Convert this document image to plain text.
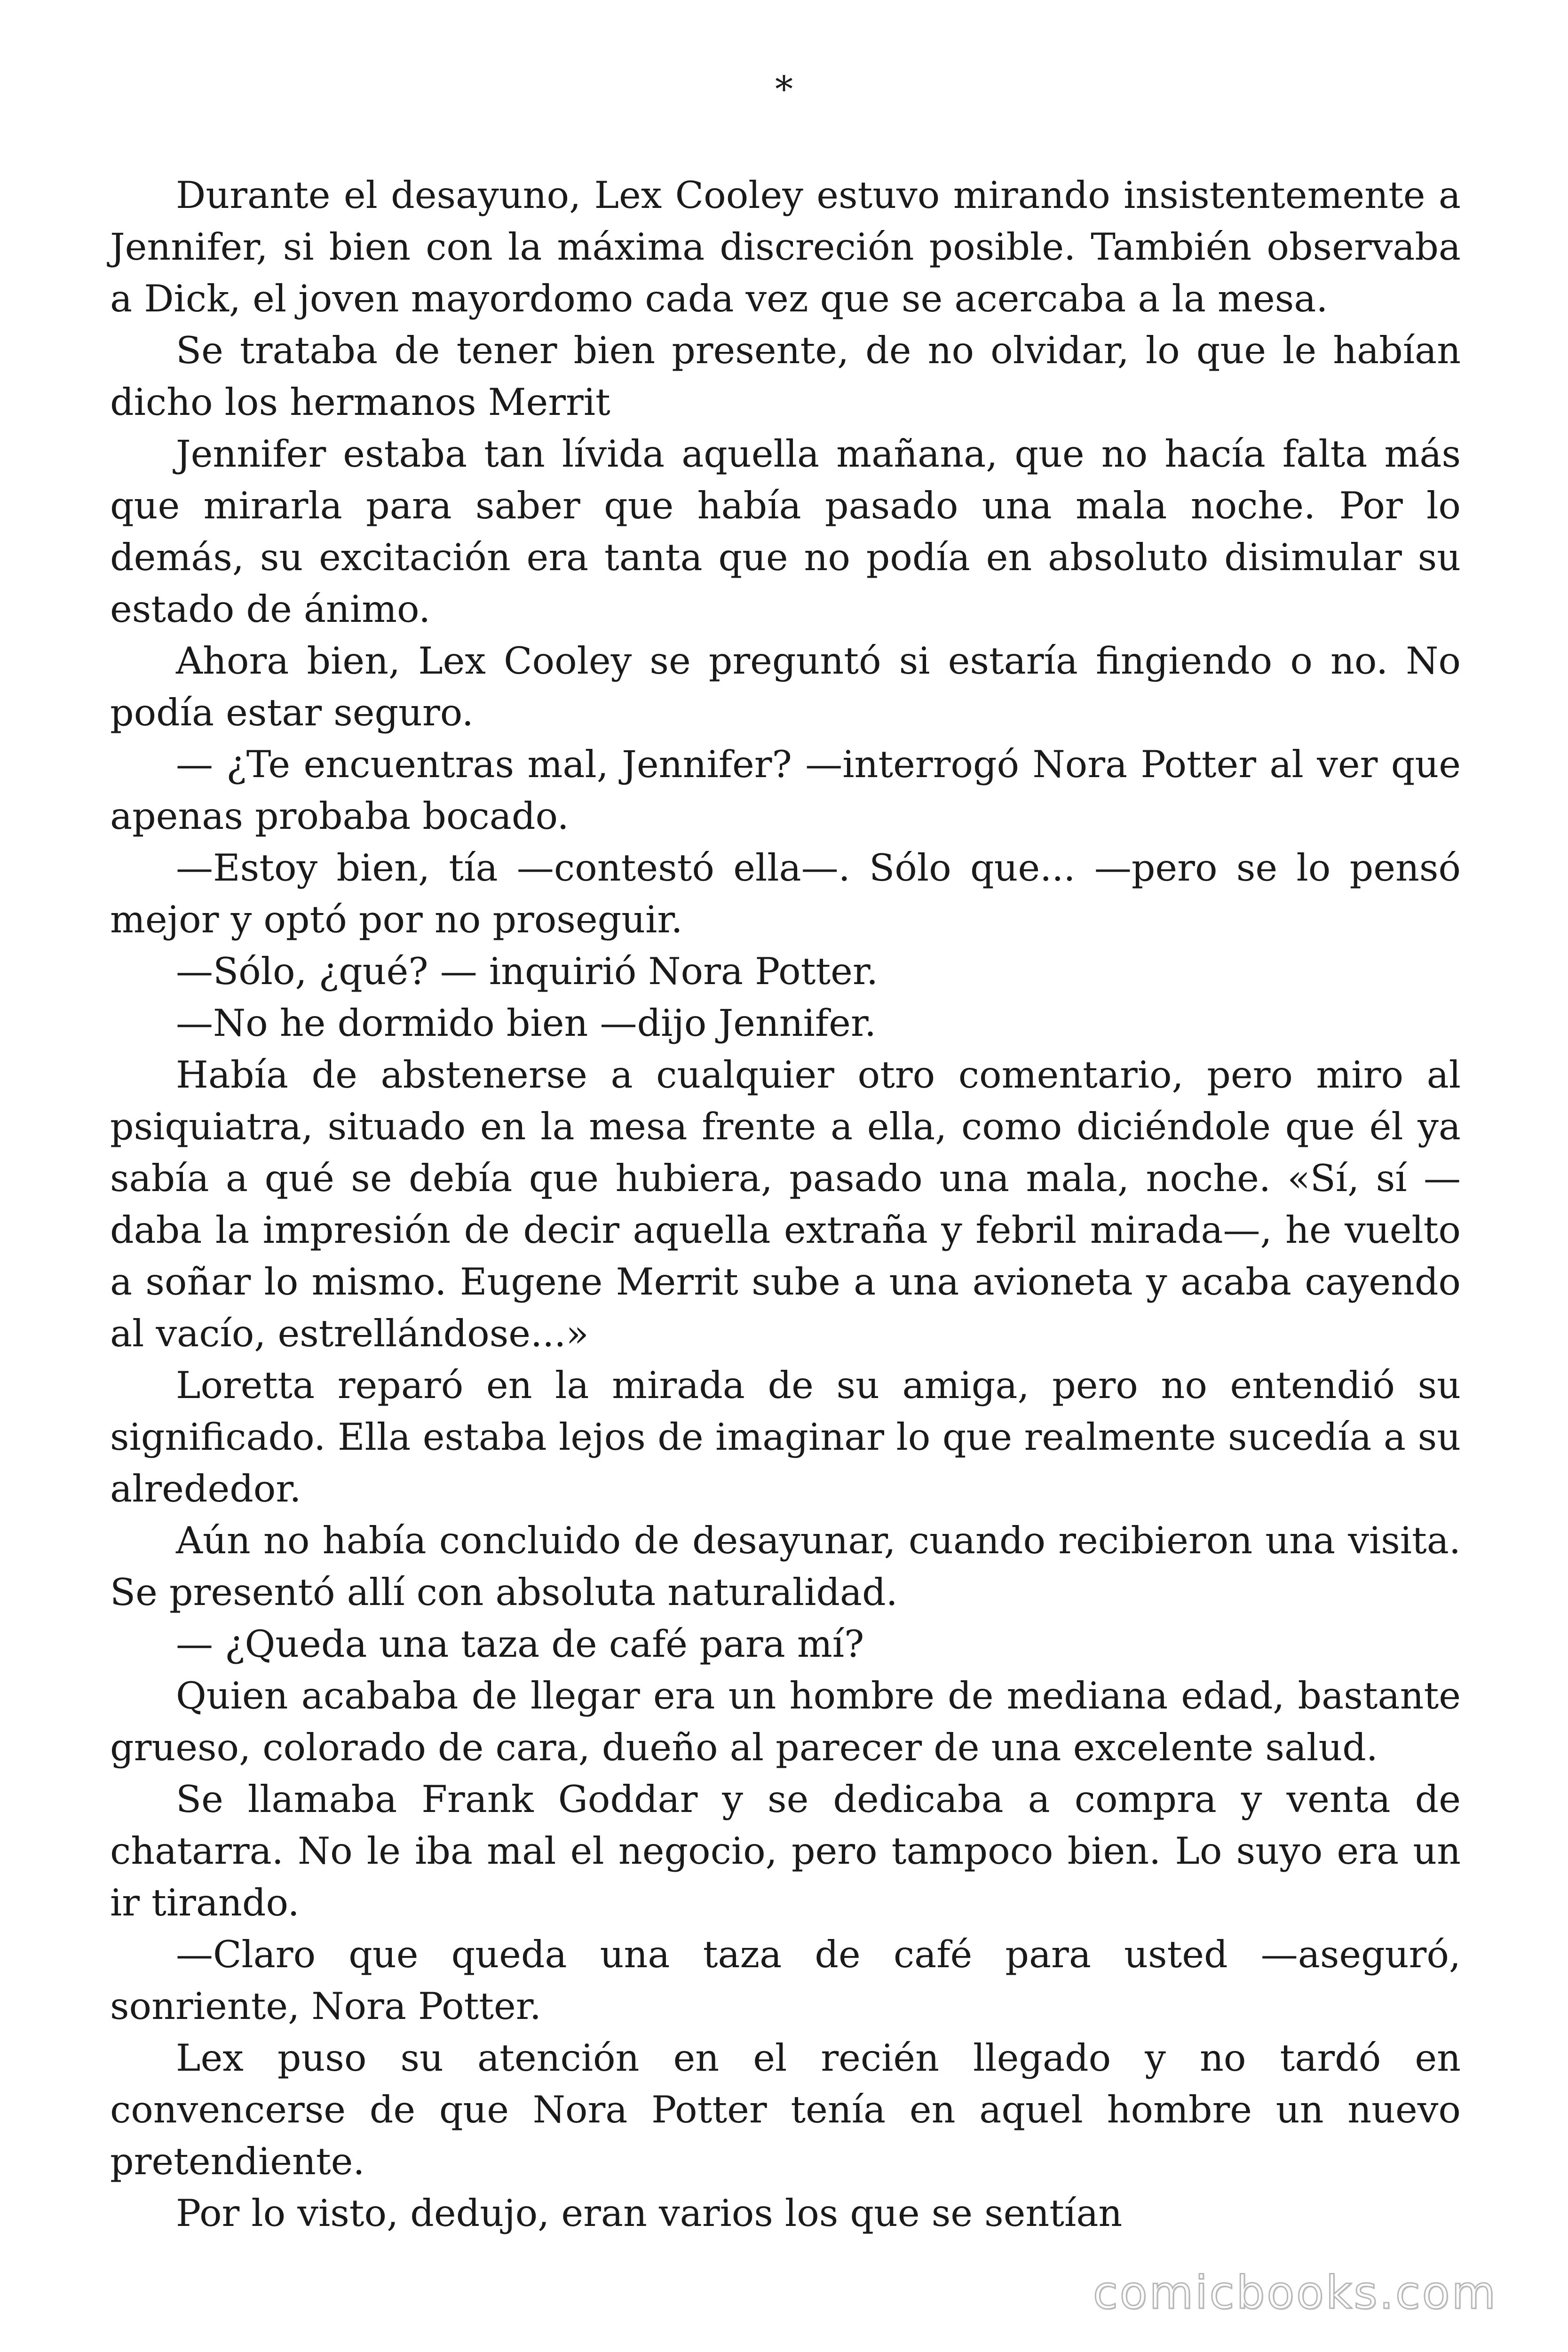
*

Durante el desayuno, Lex Cooley estuvo mirando insistentemente a Jennifer, si bien con la máxima discreción posible. También observaba a Dick, el joven mayordomo cada vez que se acercaba a la mesa.

Se trataba de tener bien presente, de no olvidar, lo que le habían dicho los hermanos Merrit

Jennifer estaba tan lívida aquella mañana, que no hacía falta más que mirarla para saber que había pasado una mala noche. Por lo demás, su excitación era tanta que no podía en absoluto disimular su estado de ánimo.

Ahora bien, Lex Cooley se preguntó si estaría fingiendo o no. No podía estar seguro.

— ¿Te encuentras mal, Jennifer? —interrogó Nora Potter al ver que apenas probaba bocado.

—Estoy bien, tía —contestó ella—. Sólo que... —pero se lo pensó mejor y optó por no proseguir.

—Sólo, ¿qué? — inquirió Nora Potter.

—No he dormido bien —dijo Jennifer.

Había de abstenerse a cualquier otro comentario, pero miro al psiquiatra, situado en la mesa frente a ella, como diciéndole que él ya sabía a qué se debía que hubiera, pasado una mala, noche. «Sí, sí — daba la impresión de decir aquella extraña y febril mirada—, he vuelto a soñar lo mismo. Eugene Merrit sube a una avioneta y acaba cayendo al vacío, estrellándose...»

Loretta reparó en la mirada de su amiga, pero no entendió su significado. Ella estaba lejos de imaginar lo que realmente sucedía a su alrededor.

Aún no había concluido de desayunar, cuando recibieron una visita. Se presentó allí con absoluta naturalidad.

— ¿Queda una taza de café para mí?

Quien acababa de llegar era un hombre de mediana edad, bastante grueso, colorado de cara, dueño al parecer de una excelente salud.

Se llamaba Frank Goddar y se dedicaba a compra y venta de chatarra. No le iba mal el negocio, pero tampoco bien. Lo suyo era un ir tirando.

—Claro que queda una taza de café para usted —aseguró, sonriente, Nora Potter.

Lex puso su atención en el recién llegado y no tardó en convencerse de que Nora Potter tenía en aquel hombre un nuevo pretendiente.

Por lo visto, dedujo, eran varios los que se sentían

comicbooks.com
